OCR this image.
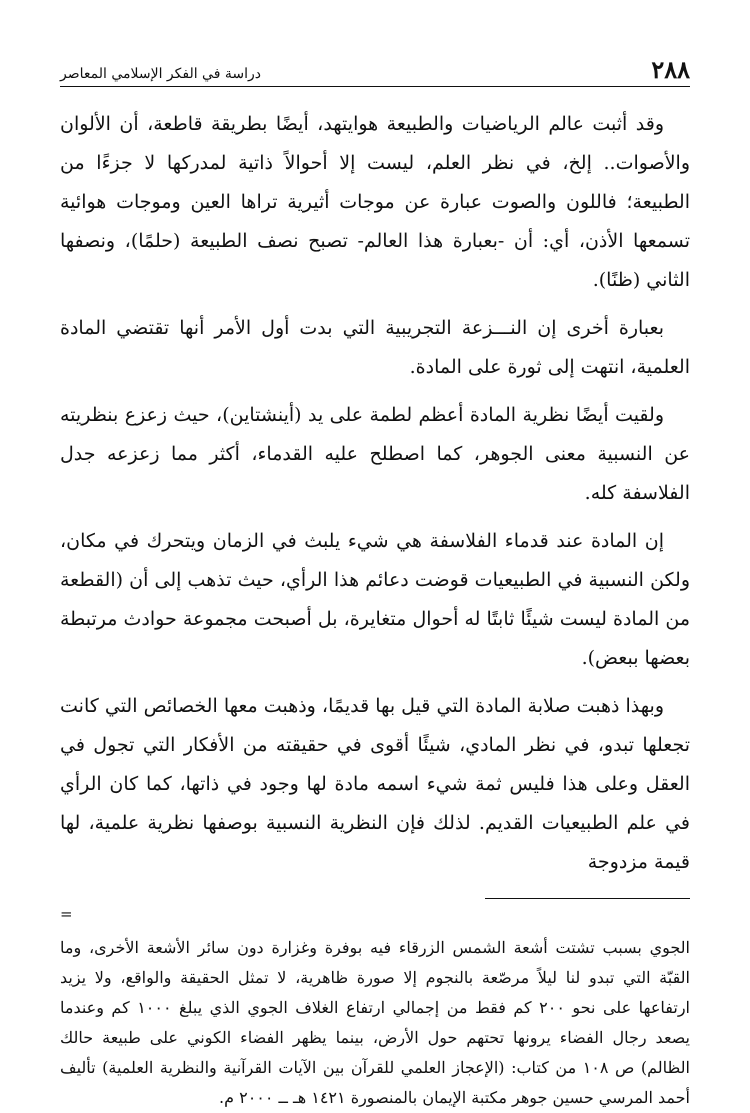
٢٨٨
دراسة في الفكر الإسلامي المعاصر

وقد أثبت عالم الرياضيات والطبيعة هوايتهد، أيضًا بطريقة قاطعة، أن الألوان والأصوات.. إلخ، في نظر العلم، ليست إلا أحوالاً ذاتية لمدركها لا جزءًا من الطبيعة؛ فاللون والصوت عبارة عن موجات أثيرية تراها العين وموجات هوائية تسمعها الأذن، أي: أن -بعبارة هذا العالم- تصبح نصف الطبيعة (حلمًا)، ونصفها الثاني (ظنًا).

بعبارة أخرى إن النـــزعة التجريبية التي بدت أول الأمر أنها تقتضي المادة العلمية، انتهت إلى ثورة على المادة.

ولقيت أيضًا نظرية المادة أعظم لطمة على يد (أينشتاين)، حيث زعزع بنظريته عن النسبية معنى الجوهر، كما اصطلح عليه القدماء، أكثر مما زعزعه جدل الفلاسفة كله.

إن المادة عند قدماء الفلاسفة هي شيء يلبث في الزمان ويتحرك في مكان، ولكن النسبية في الطبيعيات قوضت دعائم هذا الرأي، حيث تذهب إلى أن (القطعة من المادة ليست شيئًا ثابتًا له أحوال متغايرة، بل أصبحت مجموعة حوادث مرتبطة بعضها ببعض).

وبهذا ذهبت صلابة المادة التي قيل بها قديمًا، وذهبت معها الخصائص التي كانت تجعلها تبدو، في نظر المادي، شيئًا أقوى في حقيقته من الأفكار التي تجول في العقل وعلى هذا فليس ثمة شيء اسمه مادة لها وجود في ذاتها، كما كان الرأي في علم الطبيعيات القديم. لذلك فإن النظرية النسبية بوصفها نظرية علمية، لها قيمة مزدوجة

=
الجوي بسبب تشتت أشعة الشمس الزرقاء فيه بوفرة وغزارة دون سائر الأشعة الأخرى، وما القبّة التي تبدو لنا ليلاً مرصّعة بالنجوم إلا صورة ظاهرية، لا تمثل الحقيقة والواقع، ولا يزيد ارتفاعها على نحو ٢٠٠ كم فقط من إجمالي ارتفاع الغلاف الجوي الذي يبلغ ١٠٠٠ كم وعندما يصعد رجال الفضاء يرونها تحتهم حول الأرض، بينما يظهر الفضاء الكوني على طبيعة حالك الظالم) ص ١٠٨ من كتاب: (الإعجاز العلمي للقرآن بين الآيات القرآنية والنظرية العلمية) تأليف أحمد المرسي حسين جوهر مكتبة الإيمان بالمنصورة ١٤٢١ هـ ــ ٢٠٠٠ م.
